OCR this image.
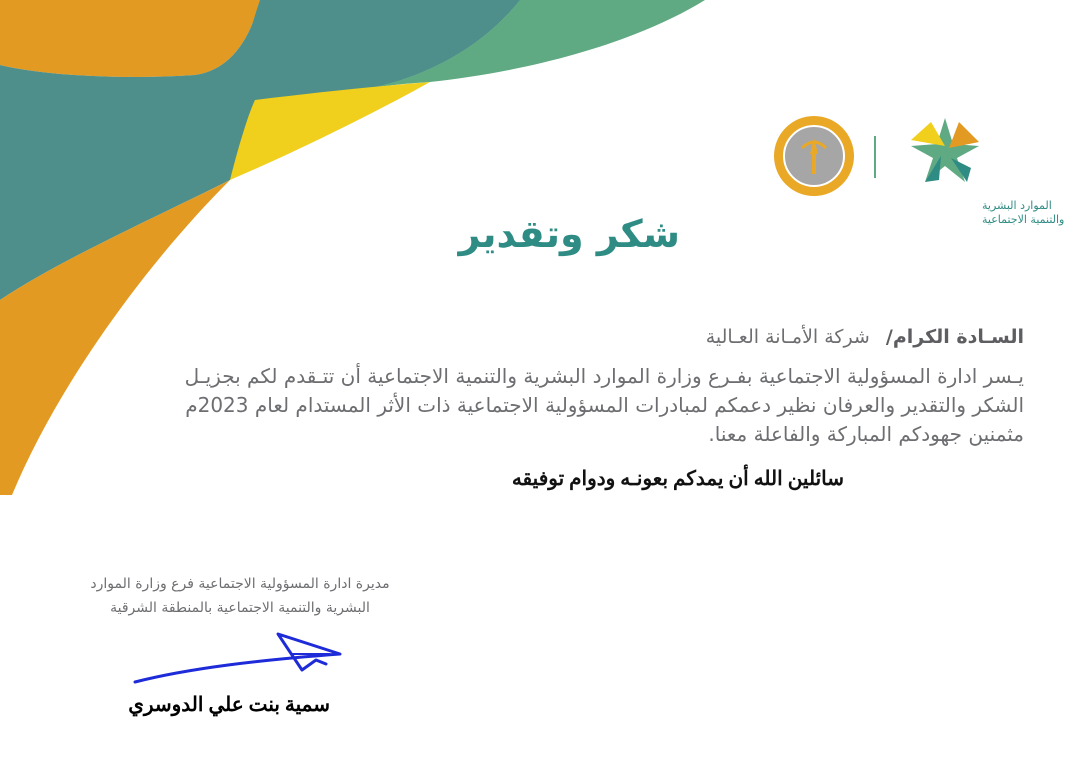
الموارد البشرية
والتنمية الاجتماعية
شكر وتقدير
السـادة الكرام/ شركة الأمـانة العـالية
يـسر ادارة المسؤولية الاجتماعية بفـرع وزارة الموارد البشرية والتنمية الاجتماعية أن تتـقدم لكم بجزيـل
الشكر والتقدير والعرفان نظير دعمكم لمبادرات المسؤولية الاجتماعية ذات الأثر المستدام لعام 2023م
مثمنين جهودكم المباركة والفاعلة معنا.
سائلين الله أن يمدكم بعونـه ودوام توفيقه
مديرة ادارة المسؤولية الاجتماعية فرع وزارة الموارد
البشرية والتنمية الاجتماعية بالمنطقة الشرقية
سمية بنت علي الدوسري
